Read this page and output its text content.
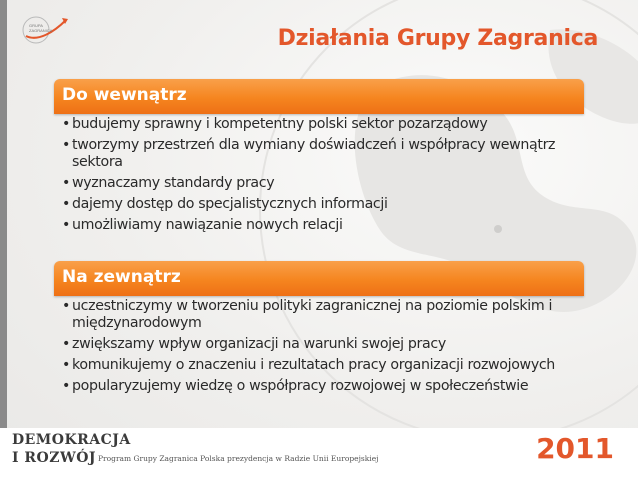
GRUPA
ZAGRANICA	Działania Grupy Zagranica
Do wewnątrz
• budujemy sprawny i kompetentny polski sektor pozarządowy
• tworzymy przestrzeń dla wymiany doświadczeń i współpracy wewnątrz sektora
• wyznaczamy standardy pracy
• dajemy dostęp do specjalistycznych informacji
• umożliwiamy nawiązanie nowych relacji
Na zewnątrz
• uczestniczymy w tworzeniu polityki zagranicznej na poziomie polskim i międzynarodowym
• zwiększamy wpływ organizacji na warunki swojej pracy
• komunikujemy o znaczeniu i rezultatach pracy organizacji rozwojowych
• popularyzujemy wiedzę o współpracy rozwojowej w społeczeństwie
DEMOKRACJA
I ROZWÓJ Program Grupy Zagranica Polska prezydencja w Radzie Unii Europejskiej	2011
